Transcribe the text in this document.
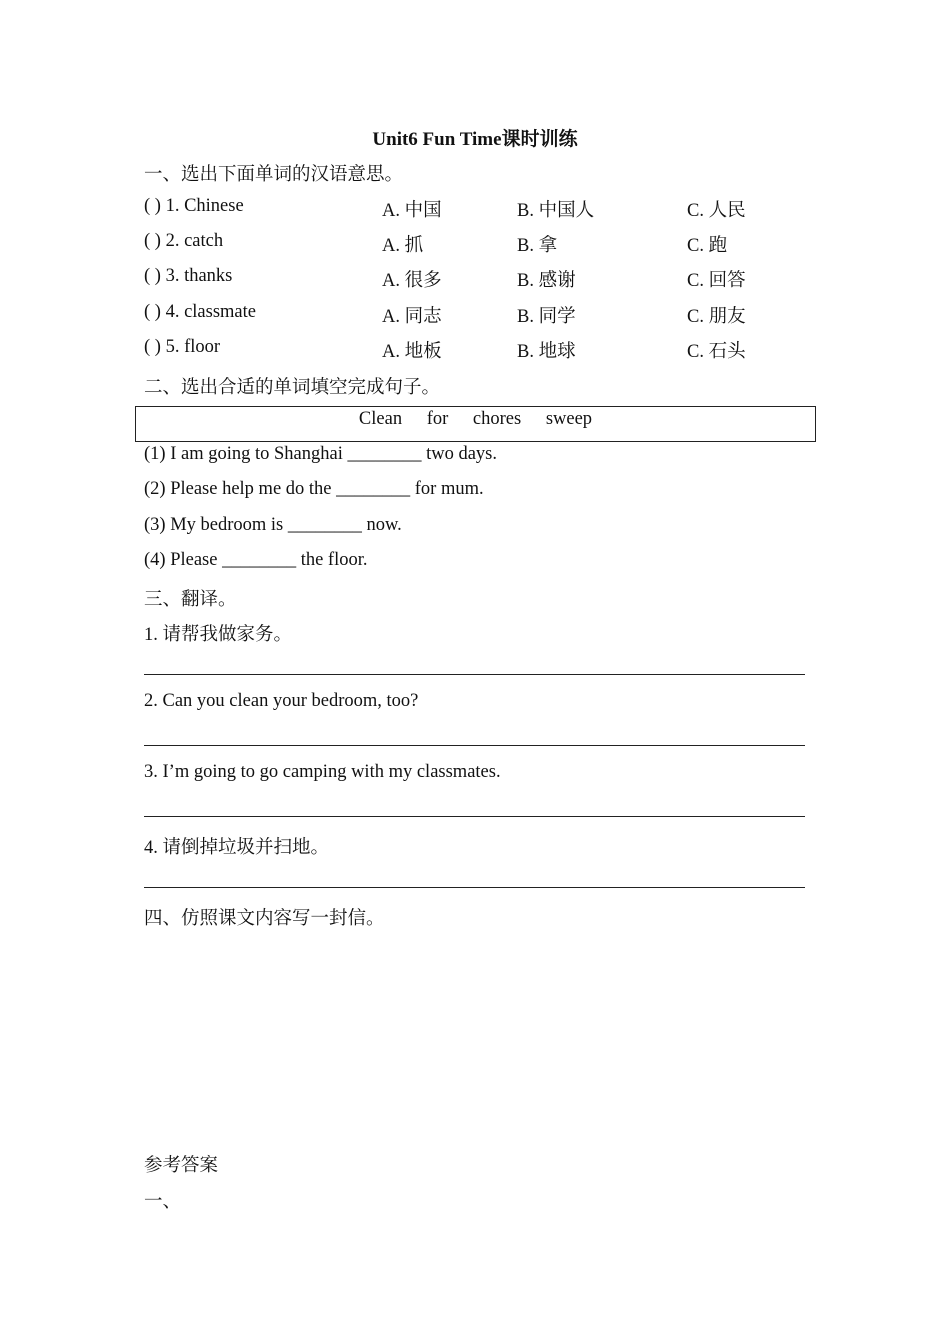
Unit6 Fun Time课时训练
一、选出下面单词的汉语意思。
( ) 1. Chinese	A. 中国	B. 中国人	C. 人民
( ) 2. catch	A. 抓	B. 拿	C. 跑
( ) 3. thanks	A. 很多	B. 感谢	C. 回答
( ) 4. classmate	A. 同志	B. 同学	C. 朋友
( ) 5. floor	A. 地板	B. 地球	C. 石头
二、选出合适的单词填空完成句子。
Clean for chores sweep
(1) I am going to Shanghai ________ two days.
(2) Please help me do the ________ for mum.
(3) My bedroom is ________ now.
(4) Please ________ the floor.
三、翻译。
1. 请帮我做家务。
2. Can you clean your bedroom, too?
3. I’m going to go camping with my classmates.
4. 请倒掉垃圾并扫地。
四、仿照课文内容写一封信。
参考答案
一、
